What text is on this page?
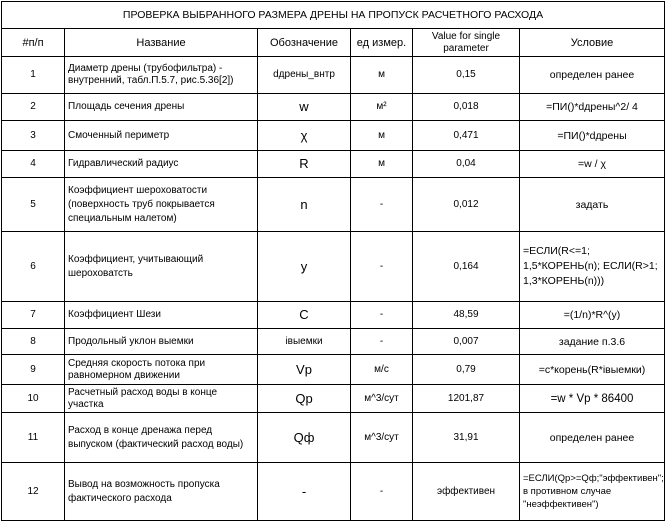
ПРОВЕРКА ВЫБРАННОГО РАЗМЕРА ДРЕНЫ НА ПРОПУСК РАСЧЕТНОГО РАСХОДА					
#п/п	Название	Обозначение	ед измер.	Value for single parameter	Условие
1	Диаметр дрены (трубофильтра) - внутренний, табл.П.5.7, рис.5.36[2])	dдрены_внтр	м	0,15	определен ранее
2	Площадь сечения дрены	w	м²	0,018	=ПИ()*dдрены^2/ 4
3	Смоченный периметр	χ	м	0,471	=ПИ()*dдрены
4	Гидравлический радиус	R	м	0,04	=w / χ
5	Коэффициент шероховатости (поверхность труб покрывается специальным налетом)	n	-	0,012	задать
6	Коэффициент, учитывающий шероховатсть	y	-	0,164	=ЕСЛИ(R<=1; 1,5*КОРЕНЬ(n); ЕСЛИ(R>1; 1,3*КОРЕНЬ(n)))
7	Коэффициент Шези	C	-	48,59	=(1/n)*R^(y)
8	Продольный уклон выемки	iвыемки	-	0,007	задание п.3.6
9	Средняя скорость потока при равномерном движении	Vp	м/с	0,79	=c*корень(R*iвыемки)
10	Расчетный расход воды в конце участка	Qp	м^3/сут	1201,87	=w * Vp * 86400
11	Расход в конце дренажа перед выпуском (фактический расход воды)	Qф	м^3/сут	31,91	определен ранее
12	Вывод на возможность пропуска фактического расхода	-	-	эффективен	=ЕСЛИ(Qр>=Qф;"эффективен"; в противном случае "неэффективен")
